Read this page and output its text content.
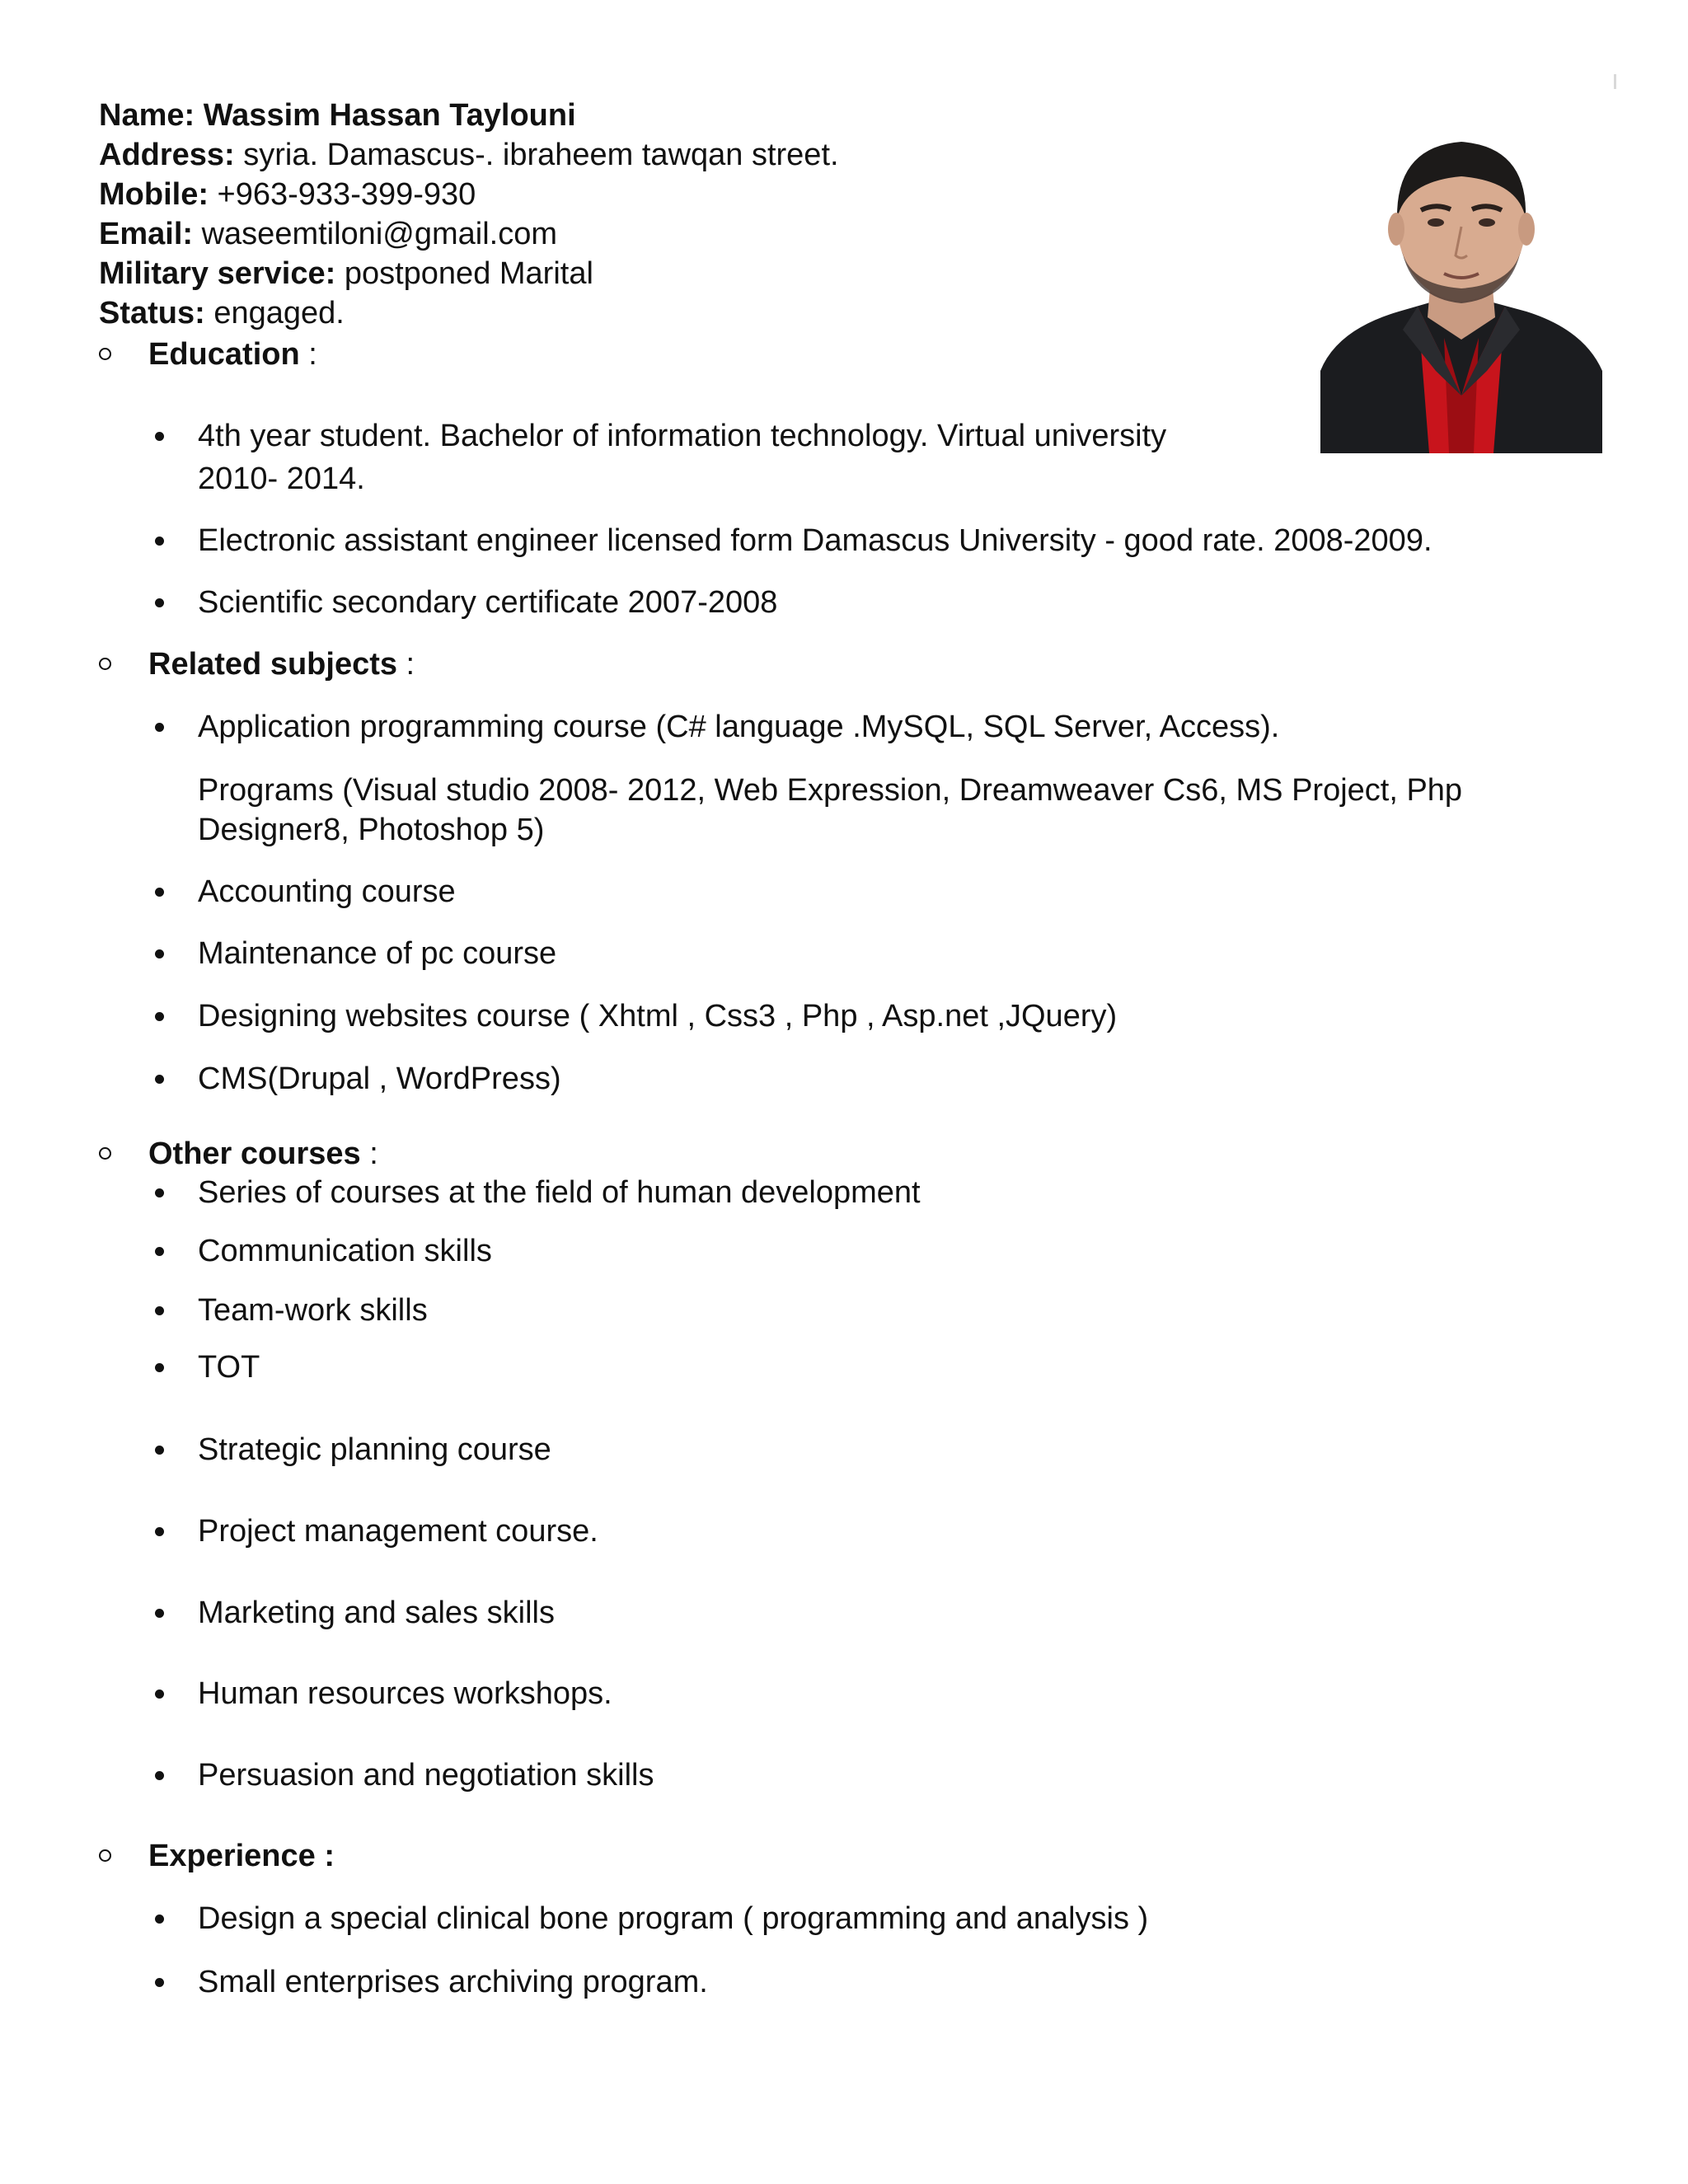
Name: Wassim Hassan Taylouni
Address: syria. Damascus-. ibraheem tawqan street.
Mobile: +963-933-399-930
Email: waseemtiloni@gmail.com
Military service: postponed Marital
Status: engaged.
Education :
4th year student. Bachelor of information technology. Virtual university
2010- 2014.
Electronic assistant engineer licensed form Damascus University - good rate. 2008-2009.
Scientific secondary certificate 2007-2008
Related subjects :
Application programming course (C# language .MySQL, SQL Server, Access).
Programs (Visual studio 2008- 2012, Web Expression, Dreamweaver Cs6, MS Project, Php
Designer8, Photoshop 5)
Accounting course
Maintenance of pc course
Designing websites course ( Xhtml , Css3 , Php , Asp.net ,JQuery)
CMS(Drupal , WordPress)
Other courses :
Series of courses at the field of human development
Communication skills
Team-work skills
TOT
Strategic planning course
Project management course.
Marketing and sales skills
Human resources workshops.
Persuasion and negotiation skills
Experience :
Design a special clinical bone program ( programming and analysis )
Small enterprises archiving program.
